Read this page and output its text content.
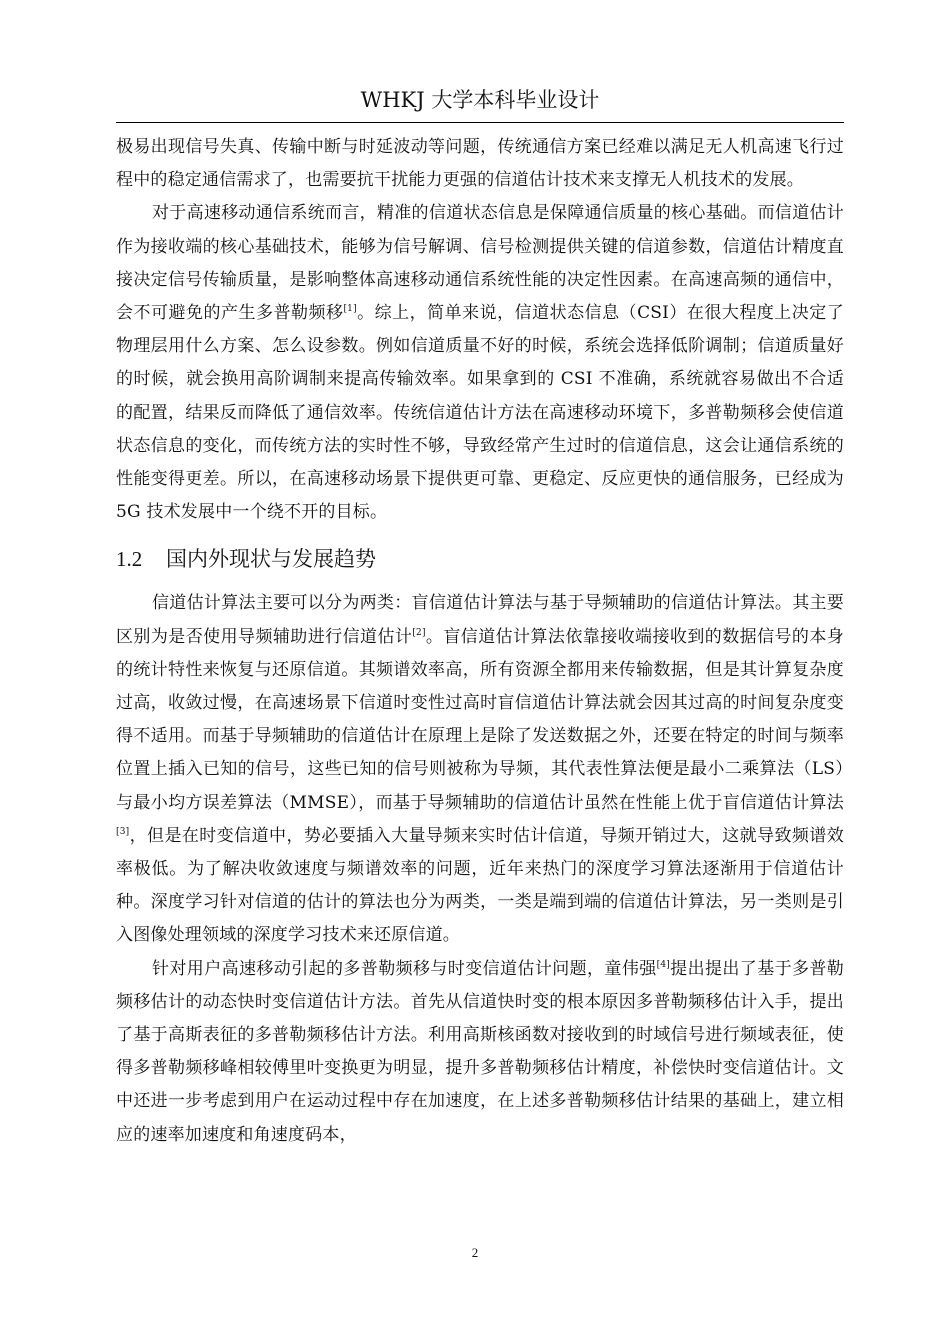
WHKJ 大学本科毕业设计

极易出现信号失真、传输中断与时延波动等问题，传统通信方案已经难以满足无人机高速飞行过程中的稳定通信需求了，也需要抗干扰能力更强的信道估计技术来支撑无人机技术的发展。

对于高速移动通信系统而言，精准的信道状态信息是保障通信质量的核心基础。而信道估计作为接收端的核心基础技术，能够为信号解调、信号检测提供关键的信道参数，信道估计精度直接决定信号传输质量，是影响整体高速移动通信系统性能的决定性因素。在高速高频的通信中，会不可避免的产生多普勒频移[1]。综上，简单来说，信道状态信息（CSI）在很大程度上决定了物理层用什么方案、怎么设参数。例如信道质量不好的时候，系统会选择低阶调制；信道质量好的时候，就会换用高阶调制来提高传输效率。如果拿到的 CSI 不准确，系统就容易做出不合适的配置，结果反而降低了通信效率。传统信道估计方法在高速移动环境下，多普勒频移会使信道状态信息的变化，而传统方法的实时性不够，导致经常产生过时的信道信息，这会让通信系统的性能变得更差。所以，在高速移动场景下提供更可靠、更稳定、反应更快的通信服务，已经成为 5G 技术发展中一个绕不开的目标。

1.2 国内外现状与发展趋势

信道估计算法主要可以分为两类：盲信道估计算法与基于导频辅助的信道估计算法。其主要区别为是否使用导频辅助进行信道估计[2]。盲信道估计算法依靠接收端接收到的数据信号的本身的统计特性来恢复与还原信道。其频谱效率高，所有资源全都用来传输数据，但是其计算复杂度过高，收敛过慢，在高速场景下信道时变性过高时盲信道估计算法就会因其过高的时间复杂度变得不适用。而基于导频辅助的信道估计在原理上是除了发送数据之外，还要在特定的时间与频率位置上插入已知的信号，这些已知的信号则被称为导频，其代表性算法便是最小二乘算法（LS）与最小均方误差算法（MMSE），而基于导频辅助的信道估计虽然在性能上优于盲信道估计算法[3]，但是在时变信道中，势必要插入大量导频来实时估计信道，导频开销过大，这就导致频谱效率极低。为了解决收敛速度与频谱效率的问题，近年来热门的深度学习算法逐渐用于信道估计种。深度学习针对信道的估计的算法也分为两类，一类是端到端的信道估计算法，另一类则是引入图像处理领域的深度学习技术来还原信道。

针对用户高速移动引起的多普勒频移与时变信道估计问题，童伟强[4]提出提出了基于多普勒频移估计的动态快时变信道估计方法。首先从信道快时变的根本原因多普勒频移估计入手，提出了基于高斯表征的多普勒频移估计方法。利用高斯核函数对接收到的时域信号进行频域表征，使得多普勒频移峰相较傅里叶变换更为明显，提升多普勒频移估计精度，补偿快时变信道估计。文中还进一步考虑到用户在运动过程中存在加速度，在上述多普勒频移估计结果的基础上，建立相应的速率加速度和角速度码本，

2
